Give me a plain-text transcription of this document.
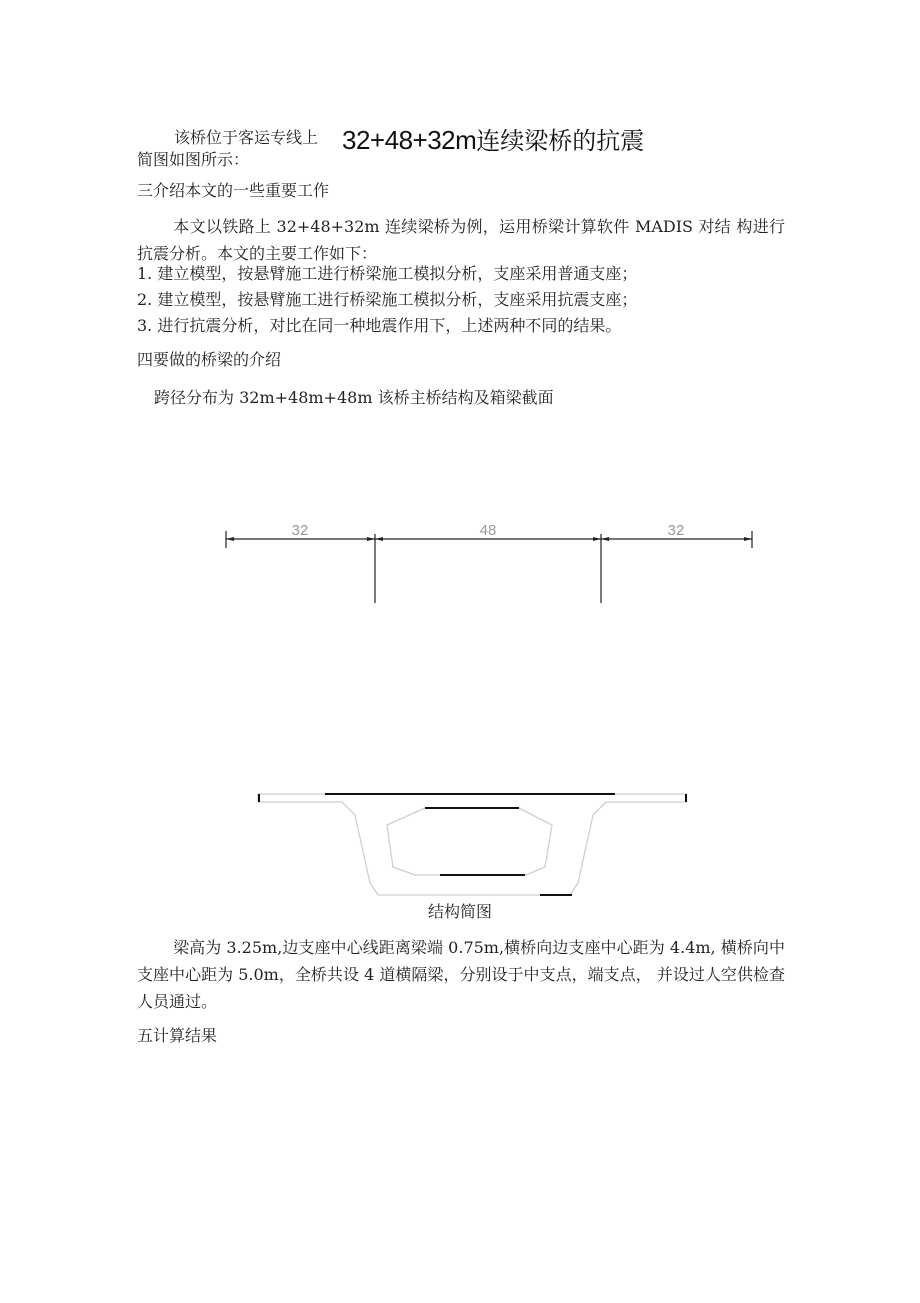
该桥位于客运专线上 32+48+32m连续梁桥的抗震
简图如图所示：
三介绍本文的一些重要工作
本文以铁路上 32+48+32m 连续梁桥为例，运用桥梁计算软件 MADIS 对结 构进行抗震分析。本文的主要工作如下：
1. 建立模型，按悬臂施工进行桥梁施工模拟分析，支座采用普通支座；
2. 建立模型，按悬臂施工进行桥梁施工模拟分析，支座采用抗震支座；
3. 进行抗震分析，对比在同一种地震作用下，上述两种不同的结果。
四要做的桥梁的介绍
跨径分布为 32m+48m+48m 该桥主桥结构及箱梁截面
32	48	32
结构简图
梁高为 3.25m,边支座中心线距离梁端 0.75m,横桥向边支座中心距为 4.4m, 横桥向中支座中心距为 5.0m，全桥共设 4 道横隔梁，分别设于中支点，端支点， 并设过人空供检查人员通过。
五计算结果
